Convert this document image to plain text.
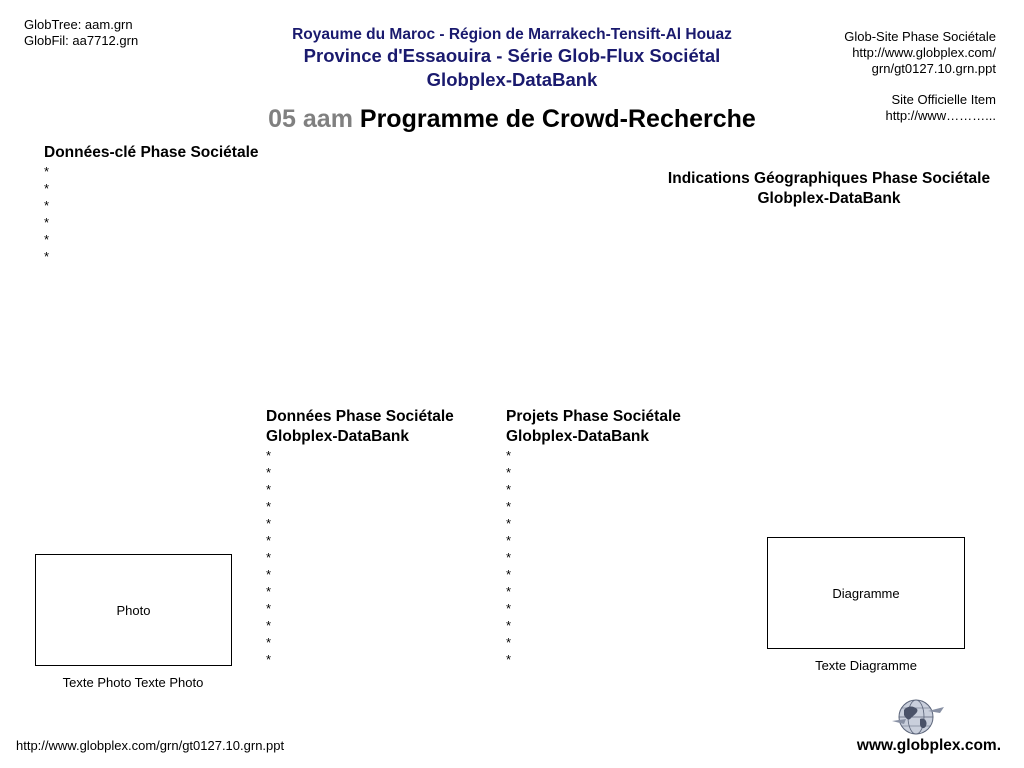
GlobTree: aam.grn
GlobFil: aa7712.grn	Royaume du Maroc - Région de Marrakech-Tensift-Al Houaz
Province d'Essaouira - Série Glob-Flux Sociétal
Globplex-DataBank
05 aam Programme de Crowd-Recherche
Glob-Site Phase Sociétale
http://www.globplex.com/
grn/gt0127.10.grn.ppt
Site Officielle Item
http://www………...
Données-clé Phase Sociétale
*
*
*
*
*
*
Indications Géographiques Phase Sociétale
Globplex-DataBank
Données Phase Sociétale
Globplex-DataBank
*
*
*
*
*
*
*
*
*
*
*
*
*
Projets Phase Sociétale
Globplex-DataBank
*
*
*
*
*
*
*
*
*
*
*
*
*
Photo
Texte Photo Texte Photo
Diagramme
Texte Diagramme
http://www.globplex.com/grn/gt0127.10.grn.ppt	www.globplex.com.
